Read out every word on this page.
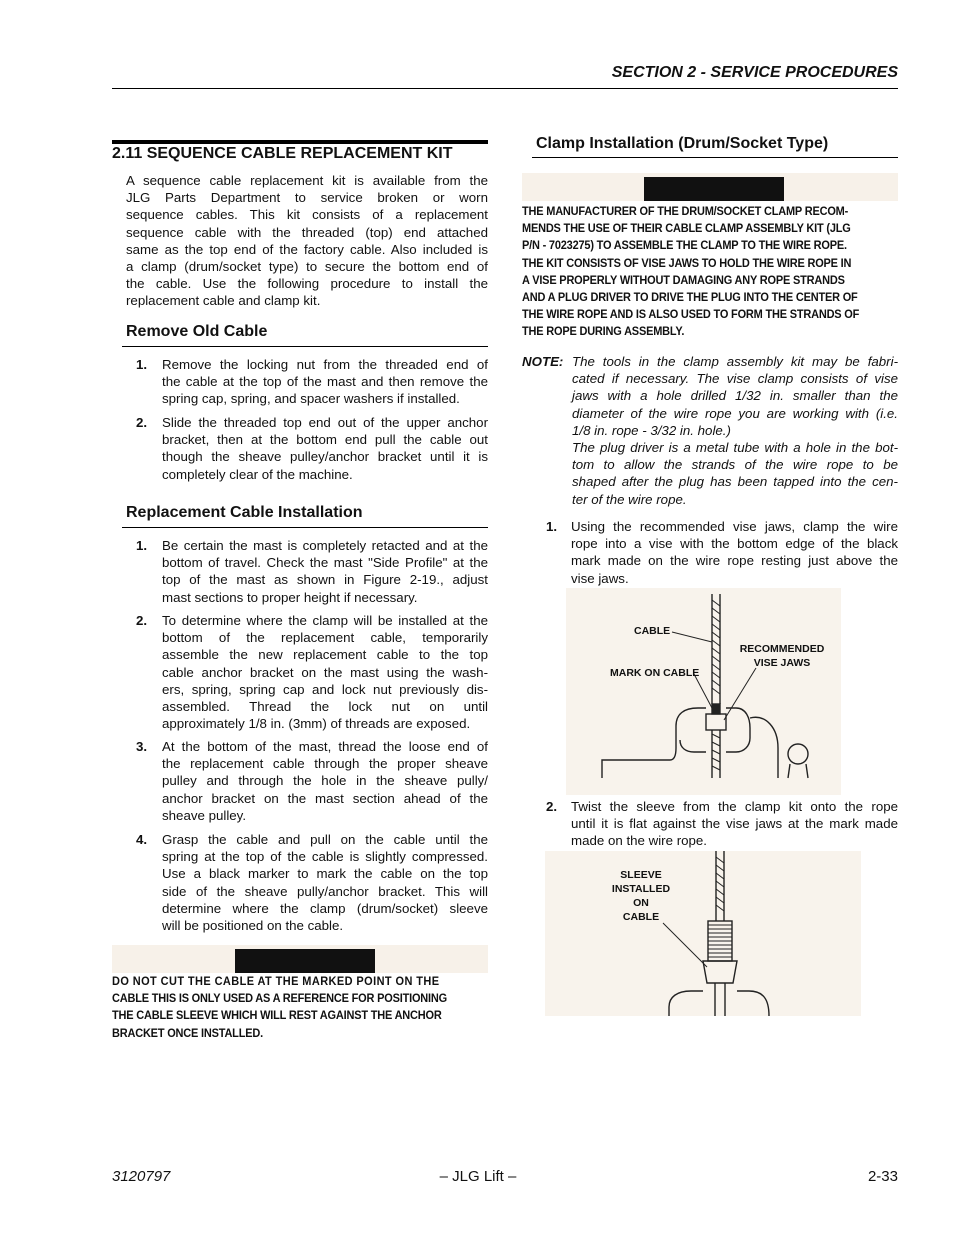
SECTION 2 - SERVICE PROCEDURES
2.11 SEQUENCE CABLE REPLACEMENT KIT
A sequence cable replacement kit is available from the
JLG Parts Department to service broken or worn
sequence cables. This kit consists of a replacement
sequence cable with the threaded (top) end attached
same as the top end of the factory cable. Also included is
a clamp (drum/socket type) to secure the bottom end of
the cable. Use the following procedure to install the
replacement cable and clamp kit.
Remove Old Cable
1. Remove the locking nut from the threaded end of
the cable at the top of the mast and then remove the
spring cap, spring, and spacer washers if installed.
2. Slide the threaded top end out of the upper anchor
bracket, then at the bottom end pull the cable out
though the sheave pulley/anchor bracket until it is
completely clear of the machine.
Replacement Cable Installation
1. Be certain the mast is completely retacted and at the
bottom of travel. Check the mast "Side Profile" at the
top of the mast as shown in Figure 2-19., adjust
mast sections to proper height if necessary.
2. To determine where the clamp will be installed at the
bottom of the replacement cable, temporarily
assemble the new replacement cable to the top
cable anchor bracket on the mast using the wash-
ers, spring, spring cap and lock nut previously dis-
assembled. Thread the lock nut on until
approximately 1/8 in. (3mm) of threads are exposed.
3. At the bottom of the mast, thread the loose end of
the replacement cable through the proper sheave
pulley and through the hole in the sheave pully/
anchor bracket on the mast section ahead of the
sheave pulley.
4. Grasp the cable and pull on the cable until the
spring at the top of the cable is slightly compressed.
Use a black marker to mark the cable on the top
side of the sheave pully/anchor bracket. This will
determine where the clamp (drum/socket) sleeve
will be positioned on the cable.
DO NOT CUT THE CABLE AT THE MARKED POINT ON THE
CABLE THIS IS ONLY USED AS A REFERENCE FOR POSITIONING
THE CABLE SLEEVE WHICH WILL REST AGAINST THE ANCHOR
BRACKET ONCE INSTALLED.
Clamp Installation (Drum/Socket Type)
THE MANUFACTURER OF THE DRUM/SOCKET CLAMP RECOM-
MENDS THE USE OF THEIR CABLE CLAMP ASSEMBLY KIT (JLG
P/N - 7023275) TO ASSEMBLE THE CLAMP TO THE WIRE ROPE.
THE KIT CONSISTS OF VISE JAWS TO HOLD THE WIRE ROPE IN
A VISE PROPERLY WITHOUT DAMAGING ANY ROPE STRANDS
AND A PLUG DRIVER TO DRIVE THE PLUG INTO THE CENTER OF
THE WIRE ROPE AND IS ALSO USED TO FORM THE STRANDS OF
THE ROPE DURING ASSEMBLY.
NOTE: The tools in the clamp assembly kit may be fabri-
cated if necessary. The vise clamp consists of vise
jaws with a hole drilled 1/32 in. smaller than the
diameter of the wire rope you are working with (i.e.
1/8 in. rope - 3/32 in. hole.)
The plug driver is a metal tube with a hole in the bot-
tom to allow the strands of the wire rope to be
shaped after the plug has been tapped into the cen-
ter of the wire rope.
1. Using the recommended vise jaws, clamp the wire
rope into a vise with the bottom edge of the black
mark made on the wire rope resting just above the
vise jaws.
CABLE
RECOMMENDED
VISE JAWS
MARK ON CABLE
2. Twist the sleeve from the clamp kit onto the rope
until it is flat against the vise jaws at the mark made
made on the wire rope.
SLEEVE
INSTALLED
ON
CABLE
3120797	– JLG Lift –	2-33
